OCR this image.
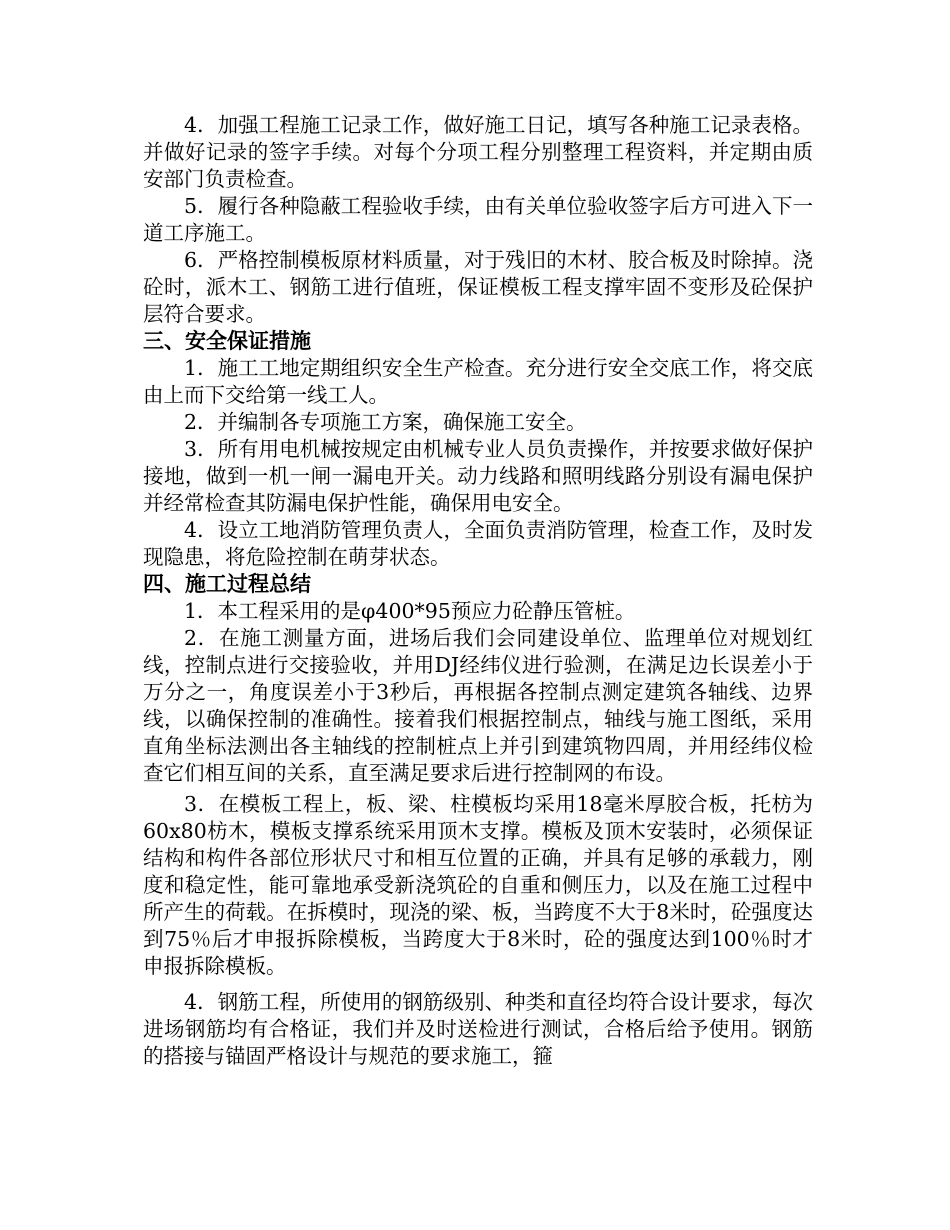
4．加强工程施工记录工作，做好施工日记，填写各种施工记录表格。并做好记录的签字手续。对每个分项工程分别整理工程资料，并定期由质安部门负责检查。

5．履行各种隐蔽工程验收手续，由有关单位验收签字后方可进入下一道工序施工。

6．严格控制模板原材料质量，对于残旧的木材、胶合板及时除掉。浇砼时，派木工、钢筋工进行值班，保证模板工程支撑牢固不变形及砼保护层符合要求。

三、安全保证措施

1．施工工地定期组织安全生产检查。充分进行安全交底工作，将交底由上而下交给第一线工人。

2．并编制各专项施工方案，确保施工安全。

3．所有用电机械按规定由机械专业人员负责操作，并按要求做好保护接地，做到一机一闸一漏电开关。动力线路和照明线路分别设有漏电保护并经常检查其防漏电保护性能，确保用电安全。

4．设立工地消防管理负责人，全面负责消防管理，检查工作，及时发现隐患，将危险控制在萌芽状态。

四、施工过程总结

1．本工程采用的是φ400*95预应力砼静压管桩。

2．在施工测量方面，进场后我们会同建设单位、监理单位对规划红线，控制点进行交接验收，并用DJ经纬仪进行验测，在满足边长误差小于万分之一，角度误差小于3秒后，再根据各控制点测定建筑各轴线、边界线，以确保控制的准确性。接着我们根据控制点，轴线与施工图纸，采用直角坐标法测出各主轴线的控制桩点上并引到建筑物四周，并用经纬仪检查它们相互间的关系，直至满足要求后进行控制网的布设。

3．在模板工程上，板、梁、柱模板均采用18毫米厚胶合板，托枋为60x80枋木，模板支撑系统采用顶木支撑。模板及顶木安装时，必须保证结构和构件各部位形状尺寸和相互位置的正确，并具有足够的承载力，刚度和稳定性，能可靠地承受新浇筑砼的自重和侧压力，以及在施工过程中所产生的荷载。在拆模时，现浇的梁、板，当跨度不大于8米时，砼强度达到75％后才申报拆除模板，当跨度大于8米时，砼的强度达到100％时才申报拆除模板。

4．钢筋工程，所使用的钢筋级别、种类和直径均符合设计要求，每次进场钢筋均有合格证，我们并及时送检进行测试，合格后给予使用。钢筋的搭接与锚固严格设计与规范的要求施工，箍
